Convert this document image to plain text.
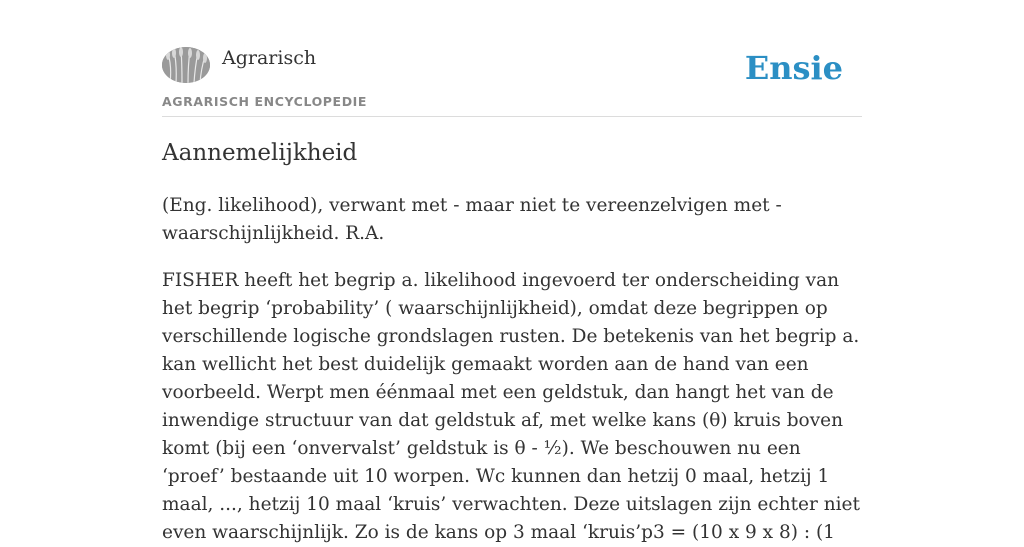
Agrarisch
AGRARISCH ENCYCLOPEDIE
Ensie
Aannemelijkheid

(Eng. likelihood), verwant met - maar niet te vereenzelvigen met - waarschijnlijkheid. R.A.

FISHER heeft het begrip a. likelihood ingevoerd ter onderscheiding van het begrip ‘probability’ ( waarschijnlijkheid), omdat deze begrippen op verschillende logische grondslagen rusten. De betekenis van het begrip a. kan wellicht het best duidelijk gemaakt worden aan de hand van een voorbeeld. Werpt men éénmaal met een geldstuk, dan hangt het van de inwendige structuur van dat geldstuk af, met welke kans (θ) kruis boven komt (bij een ‘onvervalst’ geldstuk is θ - ½). We beschouwen nu een ‘proef’ bestaande uit 10 worpen. Wc kunnen dan hetzij 0 maal, hetzij 1 maal, ..., hetzij 10 maal ‘kruis’ verwachten. Deze uitslagen zijn echter niet even waarschijnlijk. Zo is de kans op 3 maal ‘kruis’p3 = (10 x 9 x 8) : (1
